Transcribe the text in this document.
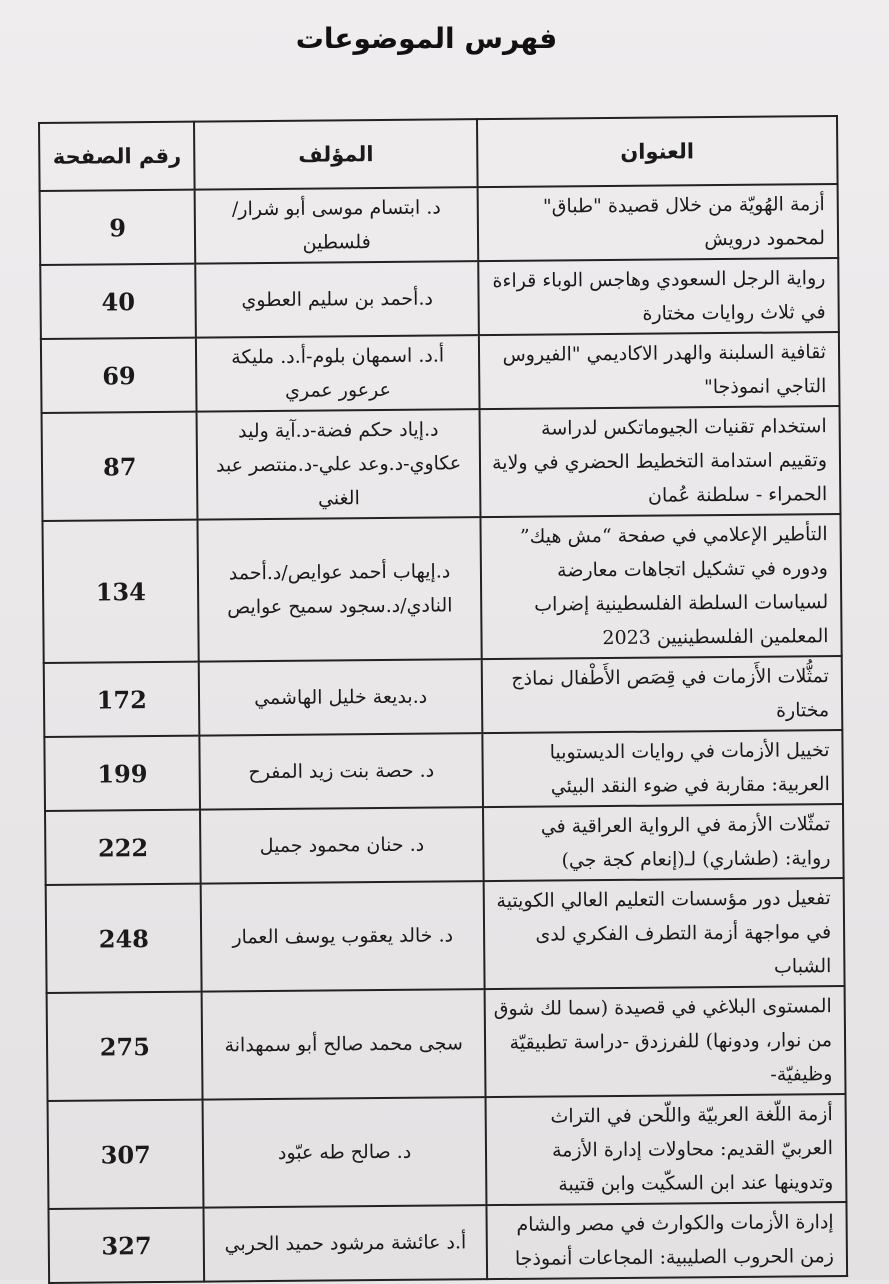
فهرس الموضوعات
العنوان	المؤلف	رقم الصفحة
أزمة الهُويّة من خلال قصيدة "طباق" لمحمود درويش	د. ابتسام موسى أبو شرار/ فلسطين	9
رواية الرجل السعودي وهاجس الوباء قراءة في ثلاث روايات مختارة	د.أحمد بن سليم العطوي	40
ثقافية السلبنة والهدر الاكاديمي "الفيروس التاجي انموذجا"	أ.د. اسمهان بلوم-أ.د. مليكة عرعور عمري	69
استخدام تقنيات الجيوماتكس لدراسة وتقييم استدامة التخطيط الحضري في ولاية الحمراء - سلطنة عُمان	د.إياد حكم فضة-د.آية وليد عكاوي-د.وعد علي-د.منتصر عبد الغني	87
التأطير الإعلامي في صفحة “مش هيك” ودوره في تشكيل اتجاهات معارضة لسياسات السلطة الفلسطينية إضراب المعلمين الفلسطينيين 2023	د.إيهاب أحمد عوايص/د.أحمد النادي/د.سجود سميح عوايص	134
تمثُّلات الأَزمات في قِصَص الأَطْفال نماذج مختارة	د.بديعة خليل الهاشمي	172
تخييل الأزمات في روايات الديستوبيا العربية: مقاربة في ضوء النقد البيئي	د. حصة بنت زيد المفرح	199
تمثّلات الأزمة في الرواية العراقية في رواية: (طشاري) لـ(إنعام كجة جي)	د. حنان محمود جميل	222
تفعيل دور مؤسسات التعليم العالي الكويتية في مواجهة أزمة التطرف الفكري لدى الشباب	د. خالد يعقوب يوسف العمار	248
المستوى البلاغي في قصيدة (سما لك شوق من نوار، ودونها) للفرزدق -دراسة تطبيقيّة وظيفيّة-	سجى محمد صالح أبو سمهدانة	275
أزمة اللّغة العربيّة واللّحن في التراث العربيّ القديم: محاولات إدارة الأزمة وتدوينها عند ابن السكّيت وابن قتيبة	د. صالح طه عبّود	307
إدارة الأزمات والكوارث في مصر والشام زمن الحروب الصليبية: المجاعات أنموذجا	أ.د عائشة مرشود حميد الحربي	327
